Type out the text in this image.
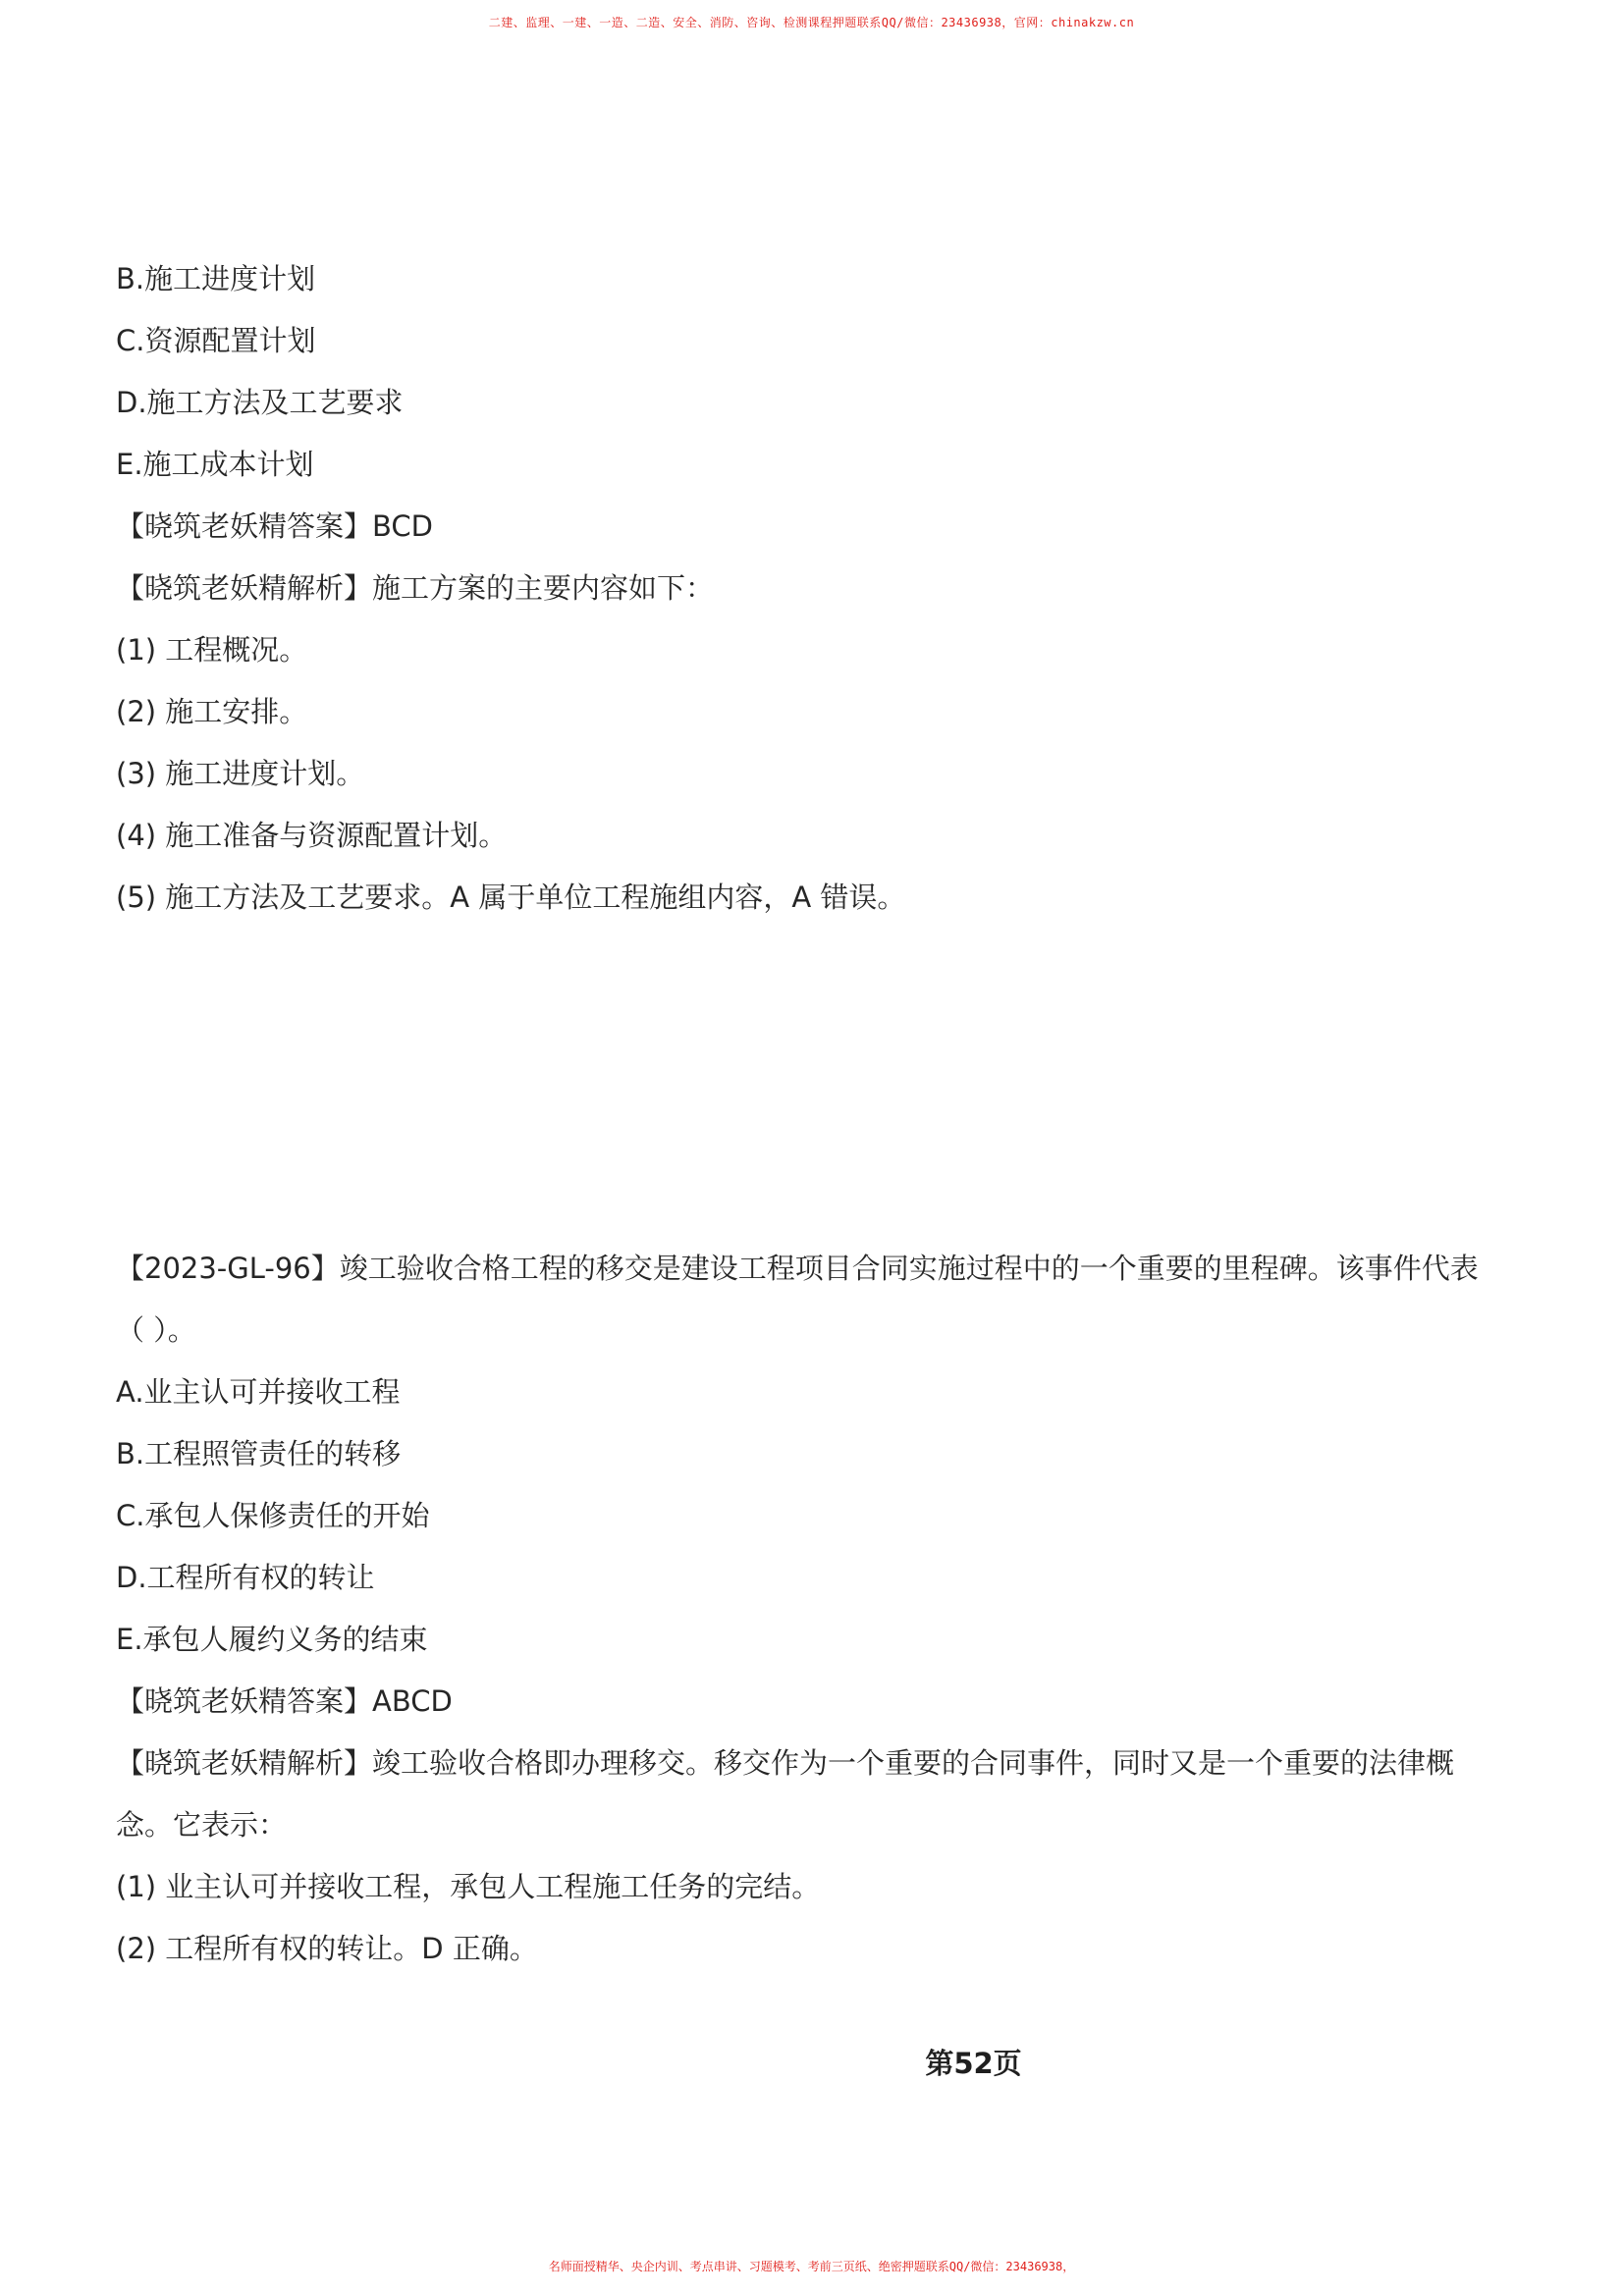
二建、监理、一建、一造、二造、安全、消防、咨询、检测课程押题联系QQ/微信：23436938，官网：chinakzw.cn
B.施工进度计划
C.资源配置计划
D.施工方法及工艺要求
E.施工成本计划
【晓筑老妖精答案】BCD
【晓筑老妖精解析】施工方案的主要内容如下：
(1) 工程概况。
(2) 施工安排。
(3) 施工进度计划。
(4) 施工准备与资源配置计划。
(5) 施工方法及工艺要求。A 属于单位工程施组内容，A 错误。
【2023-GL-96】竣工验收合格工程的移交是建设工程项目合同实施过程中的一个重要的里程碑。该事件代表
（ ）。
A.业主认可并接收工程
B.工程照管责任的转移
C.承包人保修责任的开始
D.工程所有权的转让
E.承包人履约义务的结束
【晓筑老妖精答案】ABCD
【晓筑老妖精解析】竣工验收合格即办理移交。移交作为一个重要的合同事件，同时又是一个重要的法律概
念。它表示：
(1) 业主认可并接收工程，承包人工程施工任务的完结。
(2) 工程所有权的转让。D 正确。
第52页
名师面授精华、央企内训、考点串讲、习题模考、考前三页纸、绝密押题联系QQ/微信：23436938，
